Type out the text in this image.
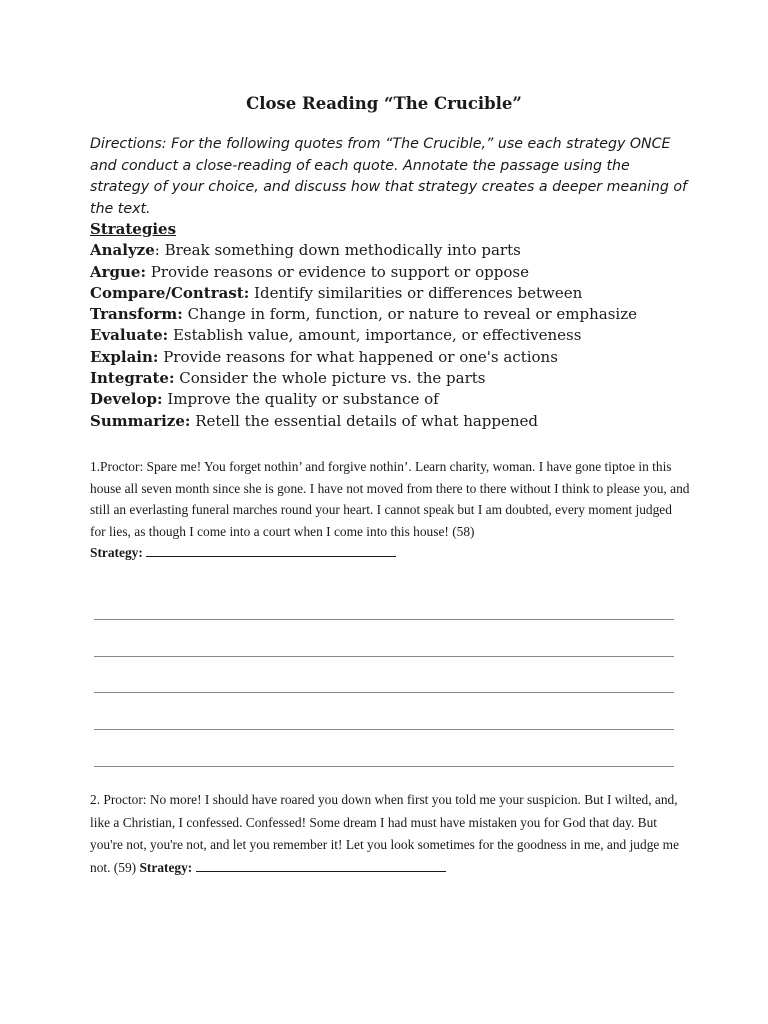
Close Reading “The Crucible”
Directions: For the following quotes from “The Crucible,” use each strategy ONCE and conduct a close-reading of each quote. Annotate the passage using the strategy of your choice, and discuss how that strategy creates a deeper meaning of the text.
Strategies
Analyze: Break something down methodically into parts
Argue: Provide reasons or evidence to support or oppose
Compare/Contrast: Identify similarities or differences between
Transform: Change in form, function, or nature to reveal or emphasize
Evaluate: Establish value, amount, importance, or effectiveness
Explain: Provide reasons for what happened or one's actions
Integrate: Consider the whole picture vs. the parts
Develop: Improve the quality or substance of
Summarize: Retell the essential details of what happened
1.Proctor: Spare me! You forget nothin’ and forgive nothin’. Learn charity, woman. I have gone tiptoe in this house all seven month since she is gone. I have not moved from there to there without I think to please you, and still an everlasting funeral marches round your heart. I cannot speak but I am doubted, every moment judged for lies, as though I come into a court when I come into this house! (58)
Strategy:
2. Proctor: No more! I should have roared you down when first you told me your suspicion. But I wilted, and, like a Christian, I confessed. Confessed! Some dream I had must have mistaken you for God that day. But you're not, you're not, and let you remember it! Let you look sometimes for the goodness in me, and judge me not. (59) Strategy:
